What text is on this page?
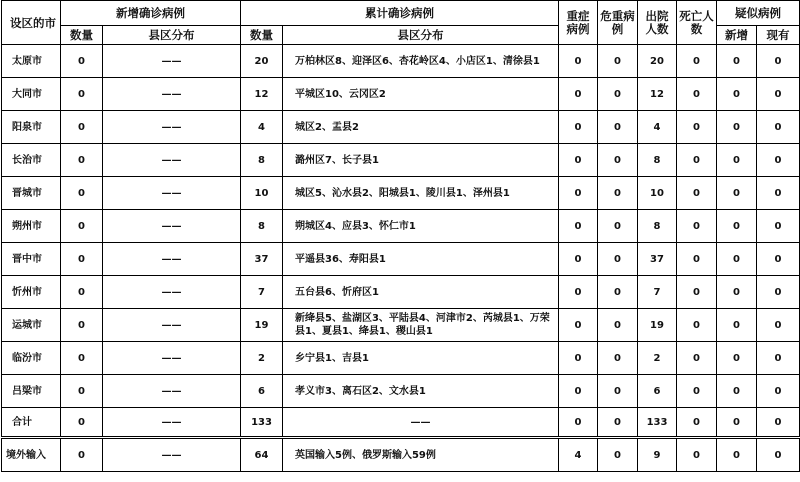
设区的市	新增确诊病例		累计确诊病例		重症病例	危重病例	出院人数	死亡人数	疑似病例	
	数量	县区分布	数量	县区分布					新增	现有
太原市	0	——	20	万柏林区8、迎泽区6、杏花岭区4、小店区1、清徐县1	0	0	20	0	0	0
大同市	0	——	12	平城区10、云冈区2	0	0	12	0	0	0
阳泉市	0	——	4	城区2、盂县2	0	0	4	0	0	0
长治市	0	——	8	潞州区7、长子县1	0	0	8	0	0	0
晋城市	0	——	10	城区5、沁水县2、阳城县1、陵川县1、泽州县1	0	0	10	0	0	0
朔州市	0	——	8	朔城区4、应县3、怀仁市1	0	0	8	0	0	0
晋中市	0	——	37	平遥县36、寿阳县1	0	0	37	0	0	0
忻州市	0	——	7	五台县6、忻府区1	0	0	7	0	0	0
运城市	0	——	19	新绛县5、盐湖区3、平陆县4、河津市2、芮城县1、万荣县1、夏县1、绛县1、稷山县1	0	0	19	0	0	0
临汾市	0	——	2	乡宁县1、吉县1	0	0	2	0	0	0
吕梁市	0	——	6	孝义市3、离石区2、文水县1	0	0	6	0	0	0
合计	0	——	133	——	0	0	133	0	0	0
境外输入	0	——	64	英国输入5例、俄罗斯输入59例	4	0	9	0	0	0
